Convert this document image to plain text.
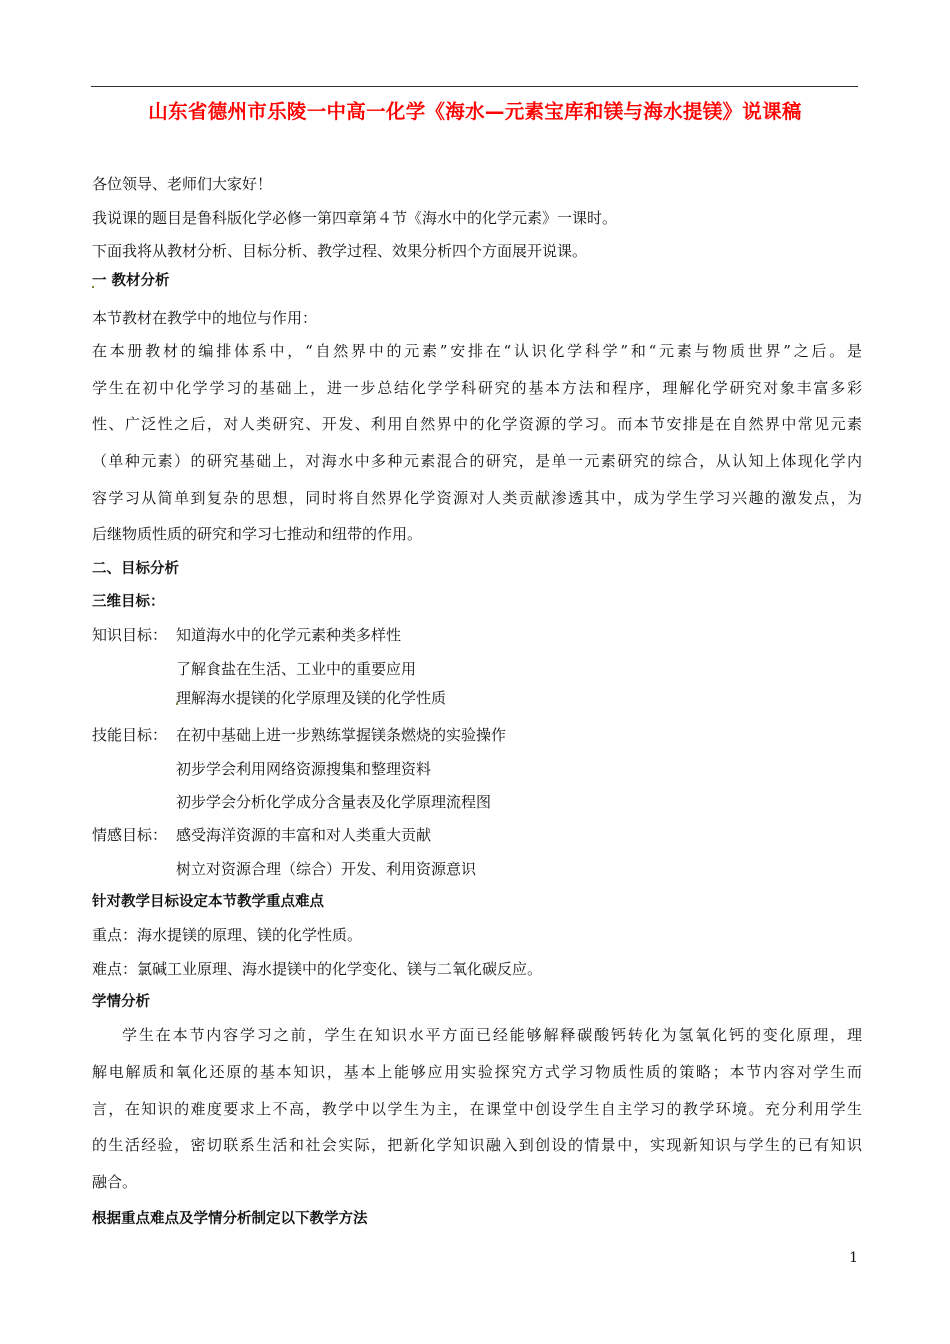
山东省德州市乐陵一中高一化学《海水—元素宝库和镁与海水提镁》说课稿
各位领导、老师们大家好！
我说课的题目是鲁科版化学必修一第四章第４节《海水中的化学元素》一课时。
下面我将从教材分析、目标分析、教学过程、效果分析四个方面展开说课。
一 教材分析
本节教材在教学中的地位与作用：
在本册教材的编排体系中，“自然界中的元素”安排在“认识化学科学”和“元素与物质世界”之后。是
学生在初中化学学习的基础上，进一步总结化学学科研究的基本方法和程序，理解化学研究对象丰富多彩
性、广泛性之后，对人类研究、开发、利用自然界中的化学资源的学习。而本节安排是在自然界中常见元素
（单种元素）的研究基础上，对海水中多种元素混合的研究，是单一元素研究的综合，从认知上体现化学内
容学习从简单到复杂的思想，同时将自然界化学资源对人类贡献渗透其中，成为学生学习兴趣的激发点，为
后继物质性质的研究和学习七推动和纽带的作用。
二、目标分析
三维目标：
知识目标： 知道海水中的化学元素种类多样性
了解食盐在生活、工业中的重要应用
理解海水提镁的化学原理及镁的化学性质
技能目标： 在初中基础上进一步熟练掌握镁条燃烧的实验操作
初步学会利用网络资源搜集和整理资料
初步学会分析化学成分含量表及化学原理流程图
情感目标： 感受海洋资源的丰富和对人类重大贡献
树立对资源合理（综合）开发、利用资源意识
针对教学目标设定本节教学重点难点
重点：海水提镁的原理、镁的化学性质。
难点：氯碱工业原理、海水提镁中的化学变化、镁与二氧化碳反应。
学情分析
学生在本节内容学习之前，学生在知识水平方面已经能够解释碳酸钙转化为氢氧化钙的变化原理，理
解电解质和氧化还原的基本知识，基本上能够应用实验探究方式学习物质性质的策略；本节内容对学生而
言，在知识的难度要求上不高，教学中以学生为主，在课堂中创设学生自主学习的教学环境。充分利用学生
的生活经验，密切联系生活和社会实际，把新化学知识融入到创设的情景中，实现新知识与学生的已有知识
融合。
根据重点难点及学情分析制定以下教学方法
1
